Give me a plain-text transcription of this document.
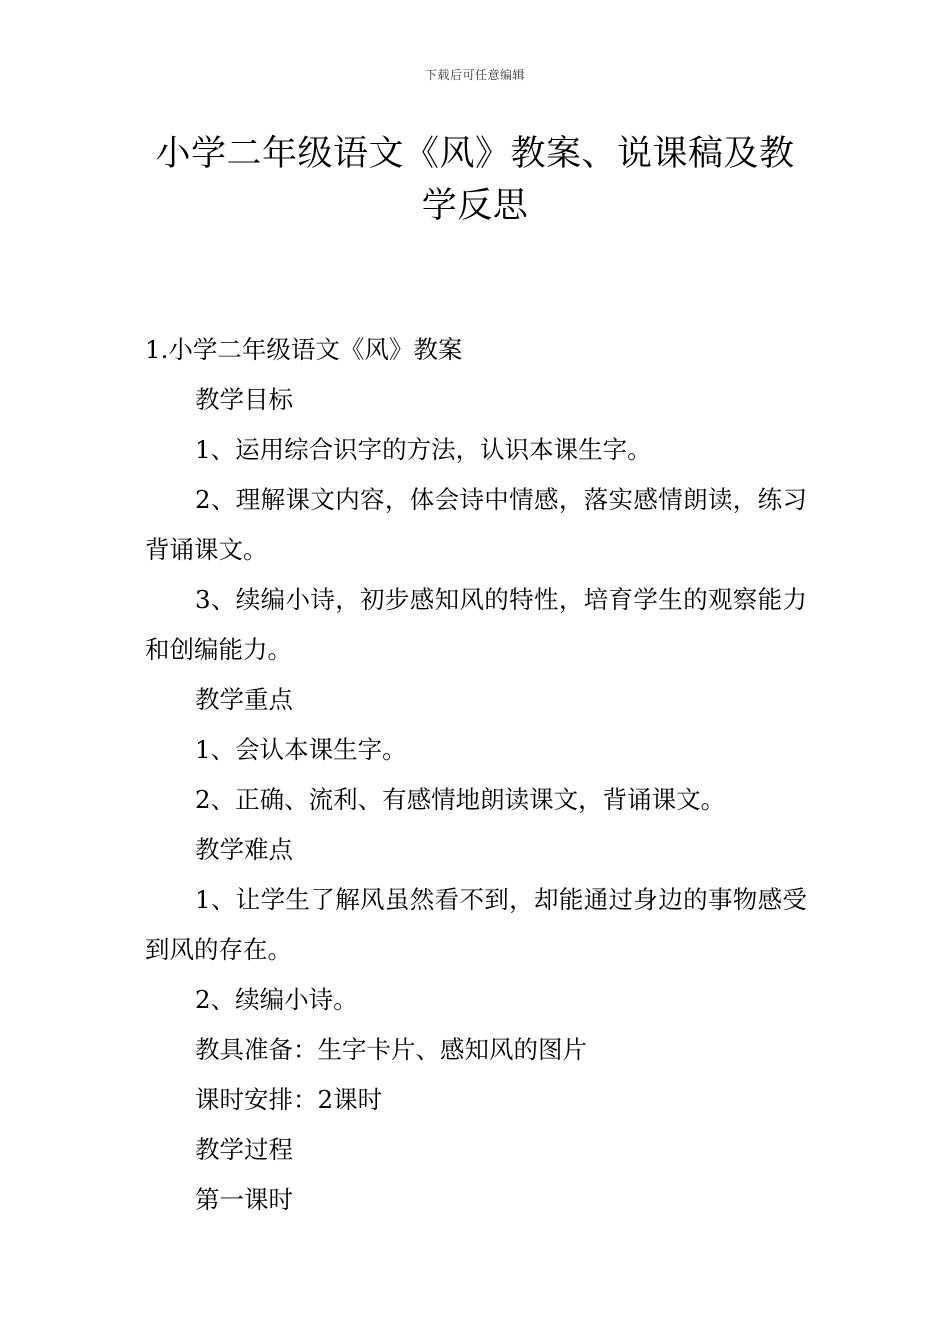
下载后可任意编辑
小学二年级语文《风》教案、说课稿及教学反思

1.小学二年级语文《风》教案

教学目标

1、运用综合识字的方法，认识本课生字。

2、理解课文内容，体会诗中情感，落实感情朗读，练习背诵课文。

3、续编小诗，初步感知风的特性，培育学生的观察能力和创编能力。

教学重点

1、会认本课生字。

2、正确、流利、有感情地朗读课文，背诵课文。

教学难点

1、让学生了解风虽然看不到，却能通过身边的事物感受到风的存在。

2、续编小诗。

教具准备：生字卡片、感知风的图片

课时安排：2课时

教学过程

第一课时
